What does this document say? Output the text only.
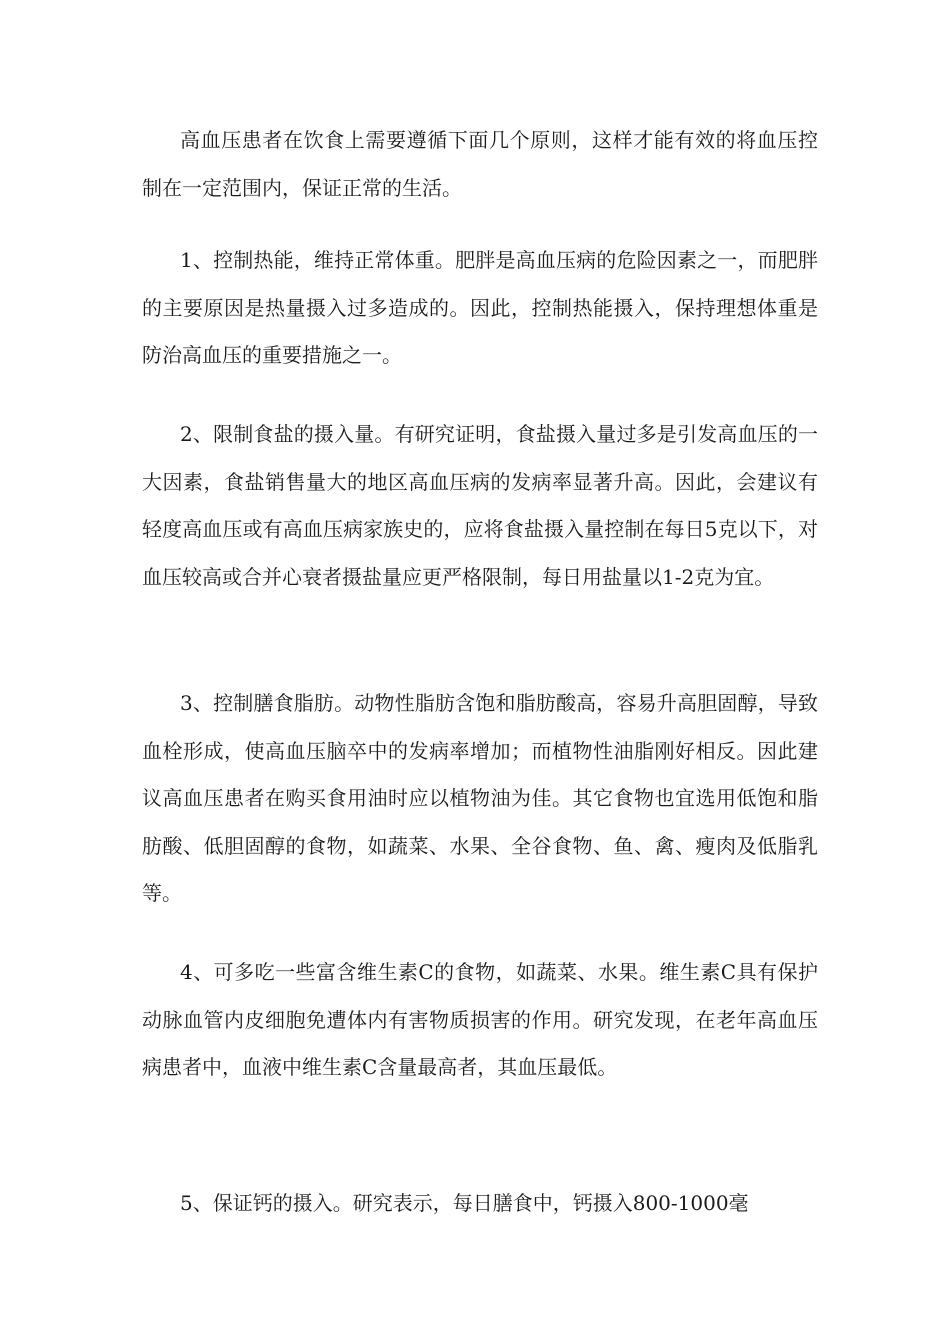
高血压患者在饮食上需要遵循下面几个原则，这样才能有效的将血压控制在一定范围内，保证正常的生活。

1、控制热能，维持正常体重。肥胖是高血压病的危险因素之一，而肥胖的主要原因是热量摄入过多造成的。因此，控制热能摄入，保持理想体重是防治高血压的重要措施之一。

2、限制食盐的摄入量。有研究证明，食盐摄入量过多是引发高血压的一大因素，食盐销售量大的地区高血压病的发病率显著升高。因此，会建议有轻度高血压或有高血压病家族史的，应将食盐摄入量控制在每日5克以下，对血压较高或合并心衰者摄盐量应更严格限制，每日用盐量以1-2克为宜。

3、控制膳食脂肪。动物性脂肪含饱和脂肪酸高，容易升高胆固醇，导致血栓形成，使高血压脑卒中的发病率增加；而植物性油脂刚好相反。因此建议高血压患者在购买食用油时应以植物油为佳。其它食物也宜选用低饱和脂肪酸、低胆固醇的食物，如蔬菜、水果、全谷食物、鱼、禽、瘦肉及低脂乳等。

4、可多吃一些富含维生素C的食物，如蔬菜、水果。维生素C具有保护动脉血管内皮细胞免遭体内有害物质损害的作用。研究发现，在老年高血压病患者中，血液中维生素C含量最高者，其血压最低。

5、保证钙的摄入。研究表示，每日膳食中，钙摄入800-1000毫
